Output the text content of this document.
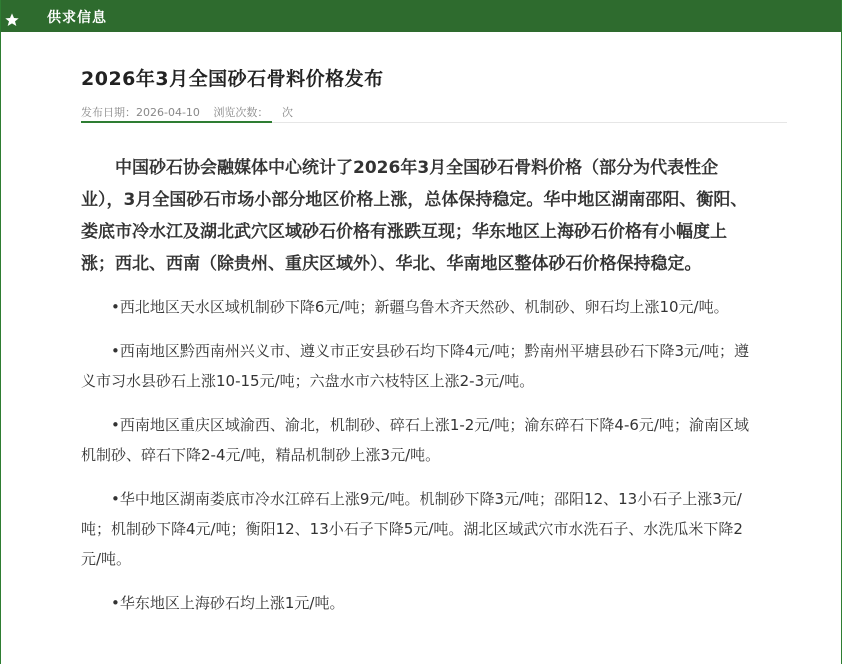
供求信息
2026年3月全国砂石骨料价格发布
发布日期：2026-04-10 浏览次数： 次

中国砂石协会融媒体中心统计了2026年3月全国砂石骨料价格（部分为代表性企业），3月全国砂石市场小部分地区价格上涨，总体保持稳定。华中地区湖南邵阳、衡阳、娄底市冷水江及湖北武穴区域砂石价格有涨跌互现；华东地区上海砂石价格有小幅度上涨；西北、西南（除贵州、重庆区域外）、华北、华南地区整体砂石价格保持稳定。

•西北地区天水区域机制砂下降6元/吨；新疆乌鲁木齐天然砂、机制砂、卵石均上涨10元/吨。

•西南地区黔西南州兴义市、遵义市正安县砂石均下降4元/吨；黔南州平塘县砂石下降3元/吨；遵义市习水县砂石上涨10-15元/吨；六盘水市六枝特区上涨2-3元/吨。

•西南地区重庆区域渝西、渝北，机制砂、碎石上涨1-2元/吨；渝东碎石下降4-6元/吨；渝南区域机制砂、碎石下降2-4元/吨，精品机制砂上涨3元/吨。

•华中地区湖南娄底市冷水江碎石上涨9元/吨。机制砂下降3元/吨；邵阳12、13小石子上涨3元/吨；机制砂下降4元/吨；衡阳12、13小石子下降5元/吨。湖北区域武穴市水洗石子、水洗瓜米下降2元/吨。

•华东地区上海砂石均上涨1元/吨。
